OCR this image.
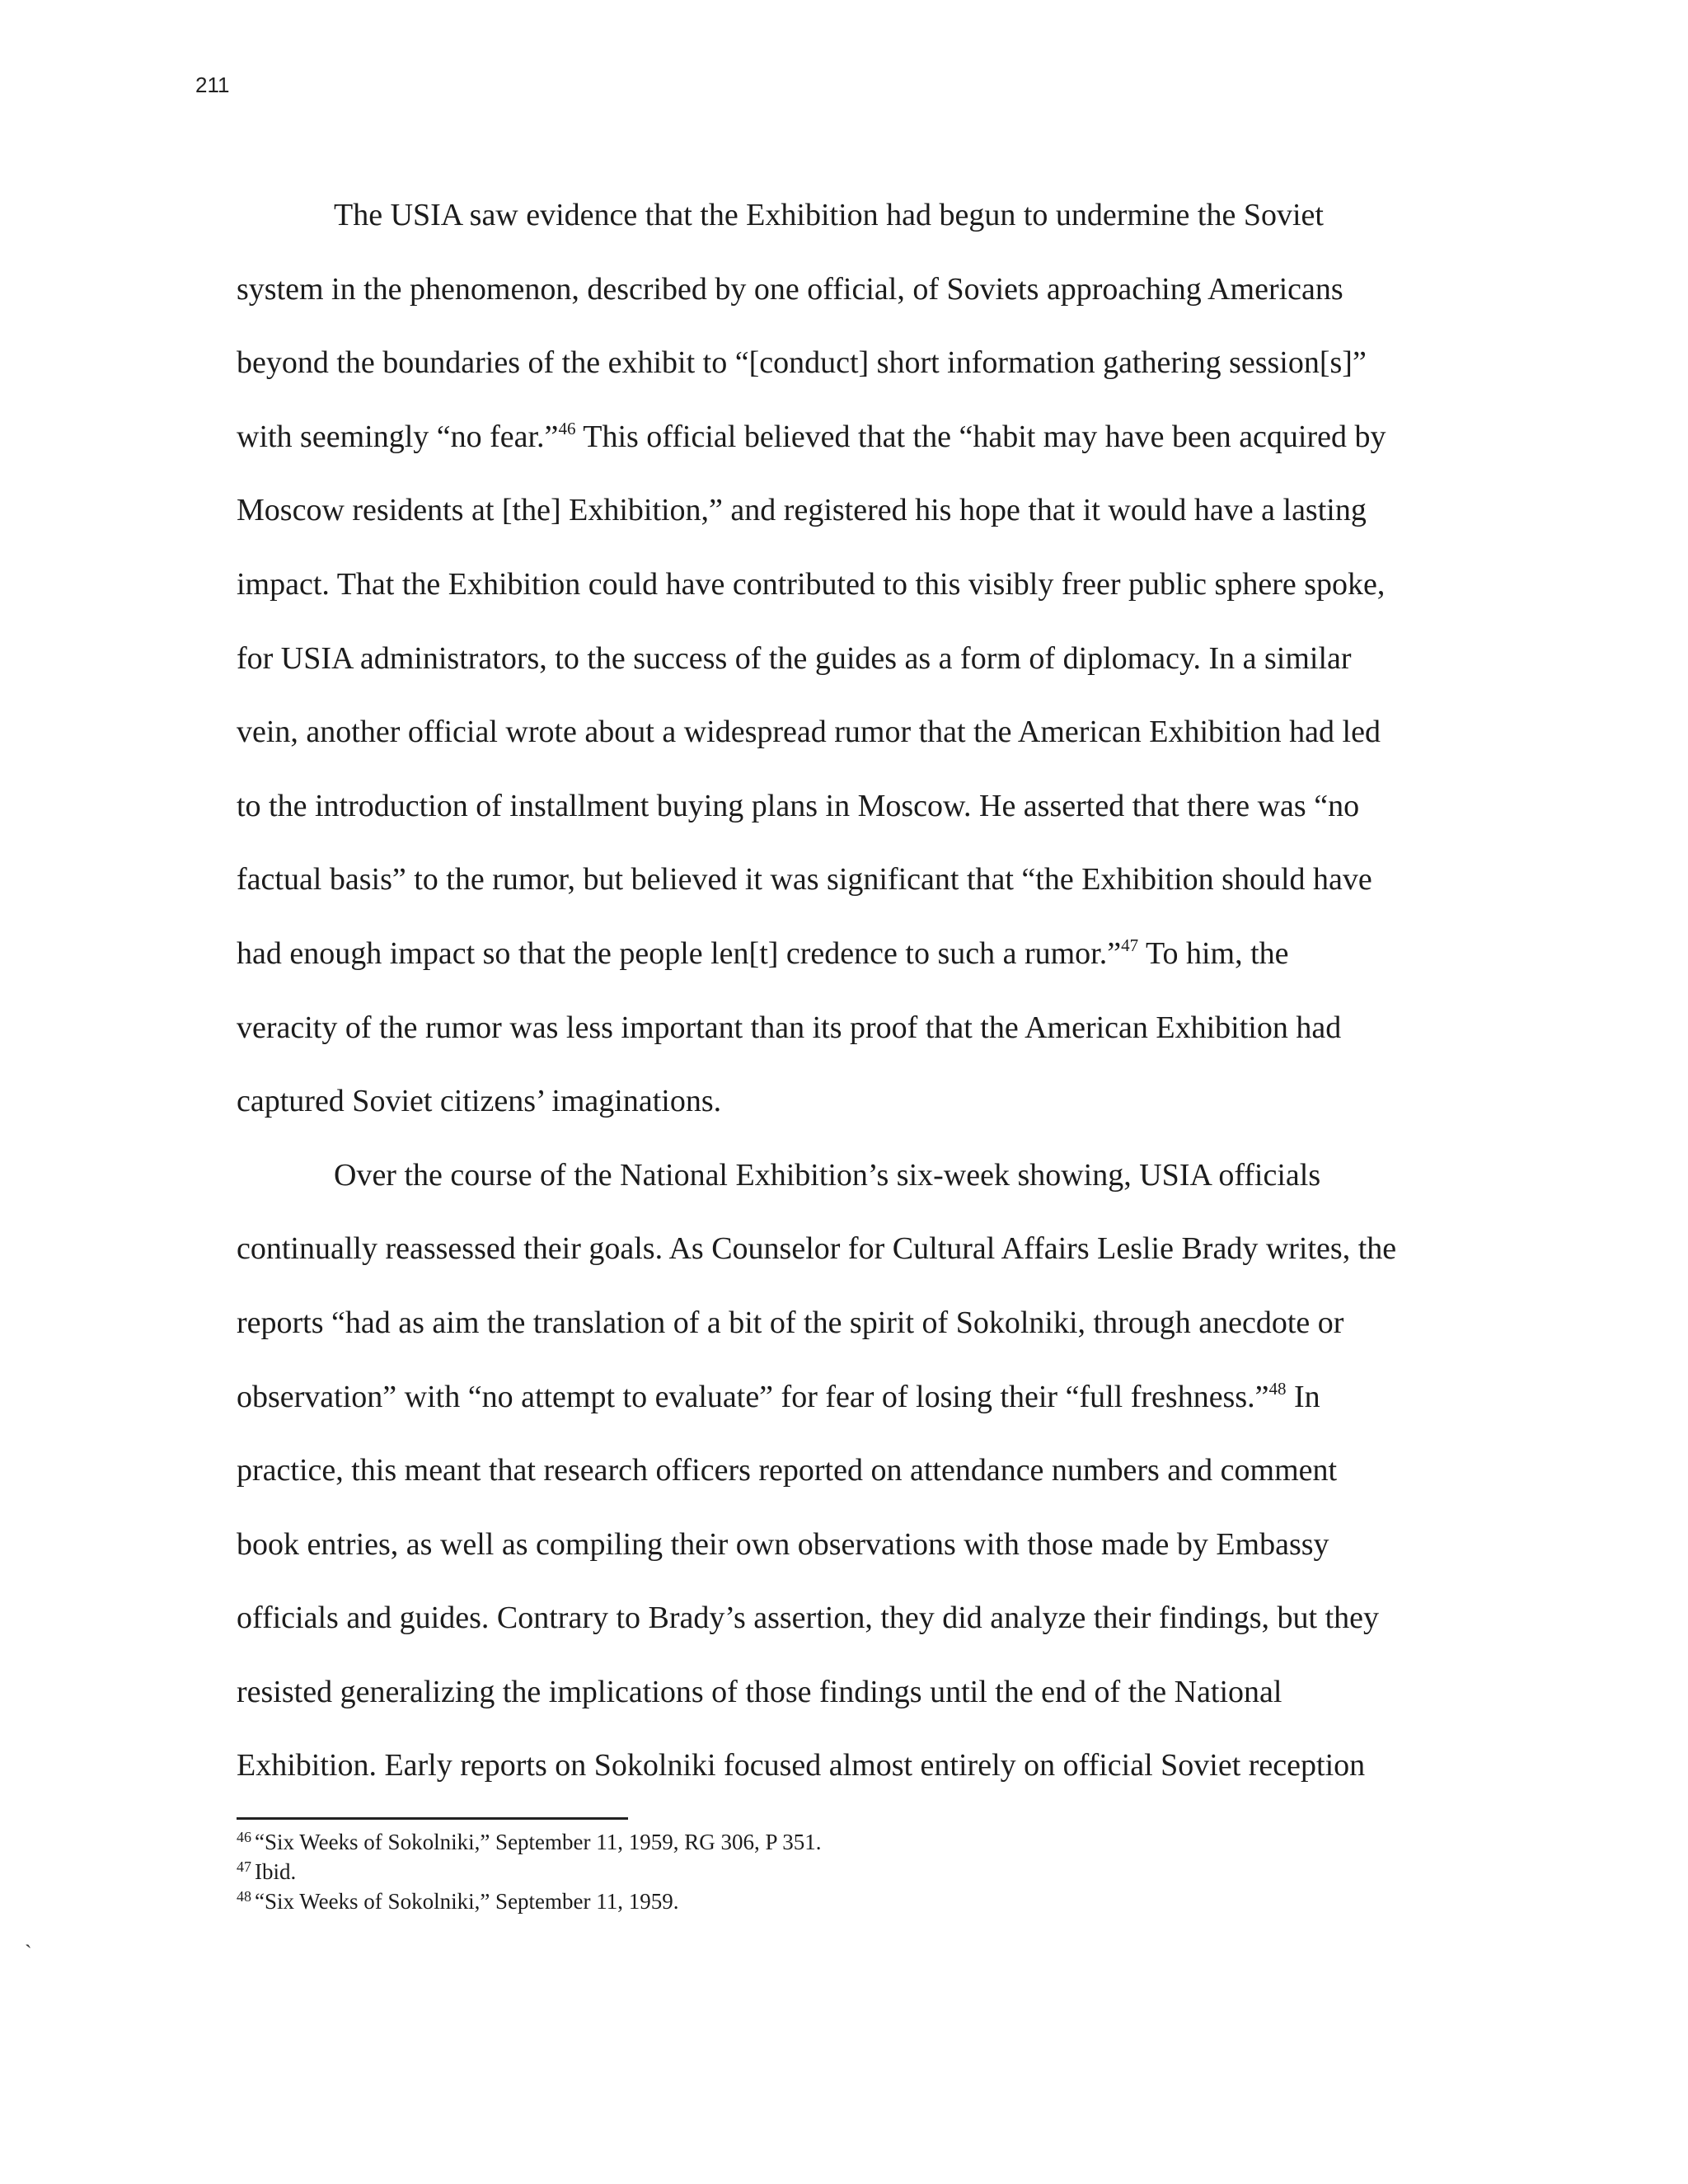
211
The USIA saw evidence that the Exhibition had begun to undermine the Soviet
system in the phenomenon, described by one official, of Soviets approaching Americans
beyond the boundaries of the exhibit to “[conduct] short information gathering session[s]”
with seemingly “no fear.”$^{46}$ This official believed that the “habit may have been acquired by
Moscow residents at [the] Exhibition,” and registered his hope that it would have a lasting
impact. That the Exhibition could have contributed to this visibly freer public sphere spoke,
for USIA administrators, to the success of the guides as a form of diplomacy. In a similar
vein, another official wrote about a widespread rumor that the American Exhibition had led
to the introduction of installment buying plans in Moscow. He asserted that there was “no
factual basis” to the rumor, but believed it was significant that “the Exhibition should have
had enough impact so that the people len[t] credence to such a rumor.”$^{47}$ To him, the
veracity of the rumor was less important than its proof that the American Exhibition had
captured Soviet citizens’ imaginations.
Over the course of the National Exhibition’s six-week showing, USIA officials
continually reassessed their goals. As Counselor for Cultural Affairs Leslie Brady writes, the
reports “had as aim the translation of a bit of the spirit of Sokolniki, through anecdote or
observation” with “no attempt to evaluate” for fear of losing their “full freshness.”$^{48}$ In
practice, this meant that research officers reported on attendance numbers and comment
book entries, as well as compiling their own observations with those made by Embassy
officials and guides. Contrary to Brady’s assertion, they did analyze their findings, but they
resisted generalizing the implications of those findings until the end of the National
Exhibition. Early reports on Sokolniki focused almost entirely on official Soviet reception
$^{46}$ “Six Weeks of Sokolniki,” September 11, 1959, RG 306, P 351.
$^{47}$ Ibid.
$^{48}$ “Six Weeks of Sokolniki,” September 11, 1959.
`
